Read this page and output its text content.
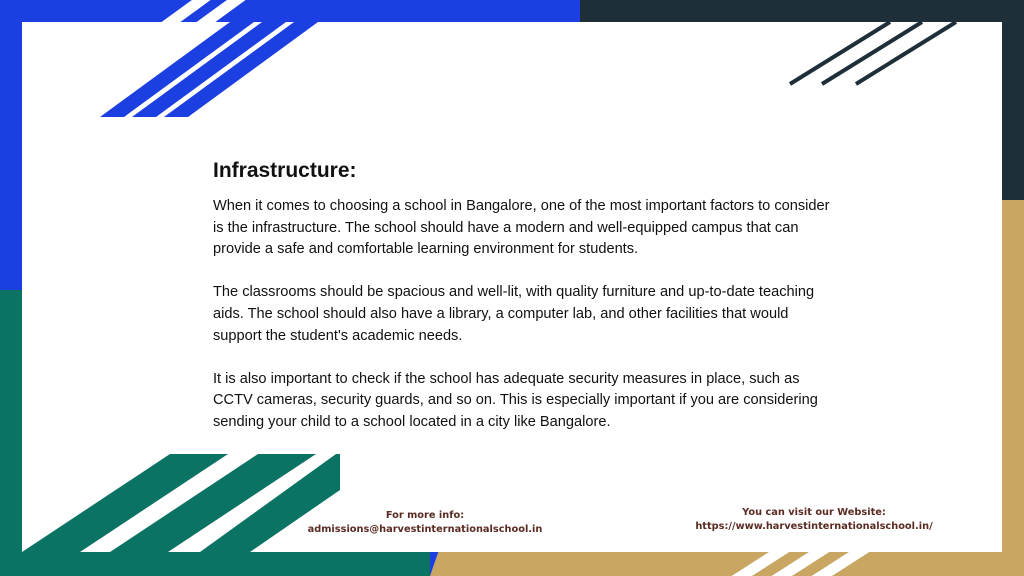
Infrastructure:

When it comes to choosing a school in Bangalore, one of the most important factors to consider is the infrastructure. The school should have a modern and well-equipped campus that can provide a safe and comfortable learning environment for students.

The classrooms should be spacious and well-lit, with quality furniture and up-to-date teaching aids. The school should also have a library, a computer lab, and other facilities that would support the student's academic needs.

It is also important to check if the school has adequate security measures in place, such as CCTV cameras, security guards, and so on. This is especially important if you are considering sending your child to a school located in a city like Bangalore.

For more info:
admissions@harvestinternationalschool.in
You can visit our Website:
https://www.harvestinternationalschool.in/
